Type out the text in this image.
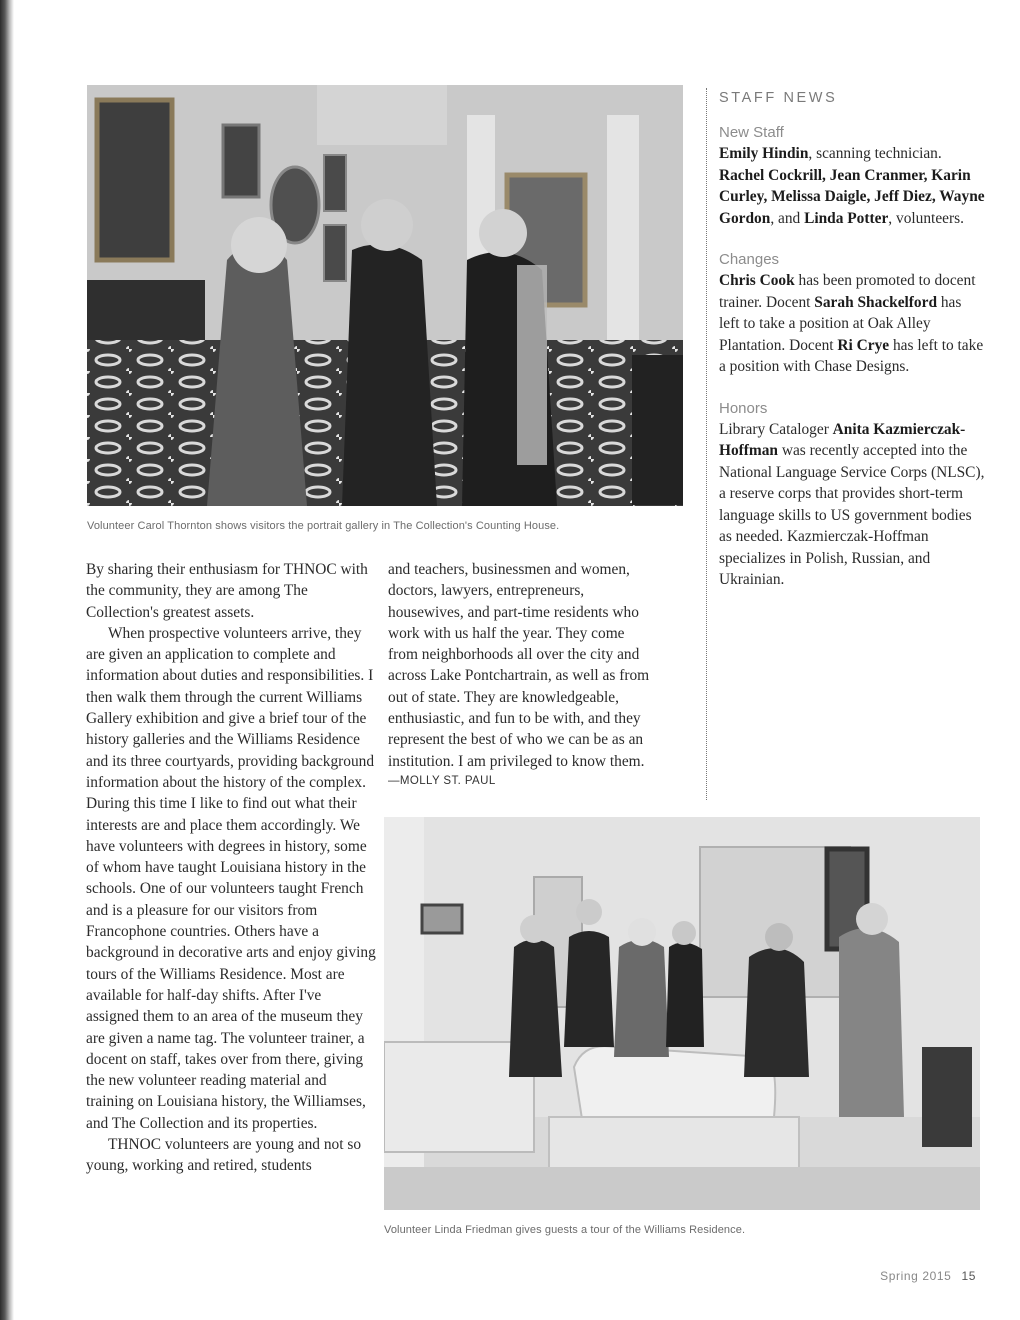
Volunteer Carol Thornton shows visitors the portrait gallery in The Collection's Counting House.

By sharing their enthusiasm for THNOC with the community, they are among The Collection's greatest assets.

When prospective volunteers arrive, they are given an application to complete and information about duties and responsibilities. I then walk them through the current Williams Gallery exhibition and give a brief tour of the history galleries and the Williams Residence and its three courtyards, providing background information about the history of the complex. During this time I like to find out what their interests are and place them accordingly. We have volunteers with degrees in history, some of whom have taught Louisiana history in the schools. One of our volunteers taught French and is a pleasure for our visitors from Francophone countries. Others have a background in decorative arts and enjoy giving tours of the Williams Residence. Most are available for half-day shifts. After I've assigned them to an area of the museum they are given a name tag. The volunteer trainer, a docent on staff, takes over from there, giving the new volunteer reading material and training on Louisiana history, the Williamses, and The Collection and its properties.

THNOC volunteers are young and not so young, working and retired, students

and teachers, businessmen and women, doctors, lawyers, entrepreneurs, housewives, and part-time residents who work with us half the year. They come from neighborhoods all over the city and across Lake Pontchartrain, as well as from out of state. They are knowledgeable, enthusiastic, and fun to be with, and they represent the best of who we can be as an institution. I am privileged to know them.

—MOLLY ST. PAUL
Volunteer Linda Friedman gives guests a tour of the Williams Residence.
STAFF NEWS
New Staff
Emily Hindin, scanning technician.
Rachel Cockrill, Jean Cranmer, Karin Curley, Melissa Daigle, Jeff Diez, Wayne Gordon, and Linda Potter, volunteers.
Changes
Chris Cook has been promoted to docent trainer. Docent Sarah Shackelford has left to take a position at Oak Alley Plantation. Docent Ri Crye has left to take a position with Chase Designs.
Honors
Library Cataloger Anita Kazmierczak-Hoffman was recently accepted into the National Language Service Corps (NLSC), a reserve corps that provides short-term language skills to US government bodies as needed. Kazmierczak-Hoffman specializes in Polish, Russian, and Ukrainian.
Spring 2015 15
